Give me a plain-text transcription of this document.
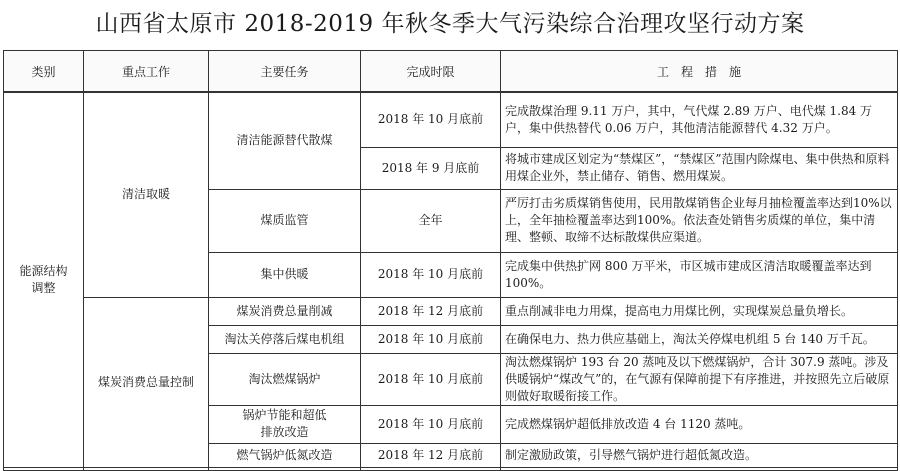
山西省太原市 2018-2019 年秋冬季大气污染综合治理攻坚行动方案
类别	重点工作	主要任务	完成时限	工　程　措　施
能源结构调整	清洁取暖	清洁能源替代散煤	2018 年 10 月底前	完成散煤治理 9.11 万户，其中，气代煤 2.89 万户、电代煤 1.84 万户，集中供热替代 0.06 万户，其他清洁能源替代 4.32 万户。
			2018 年 9 月底前	将城市建成区划定为“禁煤区”，“禁煤区”范围内除煤电、集中供热和原料用煤企业外，禁止储存、销售、燃用煤炭。
		煤质监管	全年	严厉打击劣质煤销售使用，民用散煤销售企业每月抽检覆盖率达到10%以上，全年抽检覆盖率达到100%。依法查处销售劣质煤的单位，集中清理、整顿、取缔不达标散煤供应渠道。
		集中供暖	2018 年 10 月底前	完成集中供热扩网 800 万平米，市区城市建成区清洁取暖覆盖率达到 100%。
	煤炭消费总量控制	煤炭消费总量削减	2018 年 12 月底前	重点削减非电力用煤，提高电力用煤比例，实现煤炭总量负增长。
		淘汰关停落后煤电机组	2018 年 10 月底前	在确保电力、热力供应基础上，淘汰关停煤电机组 5 台 140 万千瓦。
		淘汰燃煤锅炉	2018 年 10 月底前	淘汰燃煤锅炉 193 台 20 蒸吨及以下燃煤锅炉，合计 307.9 蒸吨。涉及供暖锅炉“煤改气”的，在气源有保障前提下有序推进，并按照先立后破原则做好取暖衔接工作。
		锅炉节能和超低排放改造	2018 年 10 月底前	完成燃煤锅炉超低排放改造 4 台 1120 蒸吨。
		燃气锅炉低氮改造	2018 年 12 月底前	制定激励政策，引导燃气锅炉进行超低氮改造。
